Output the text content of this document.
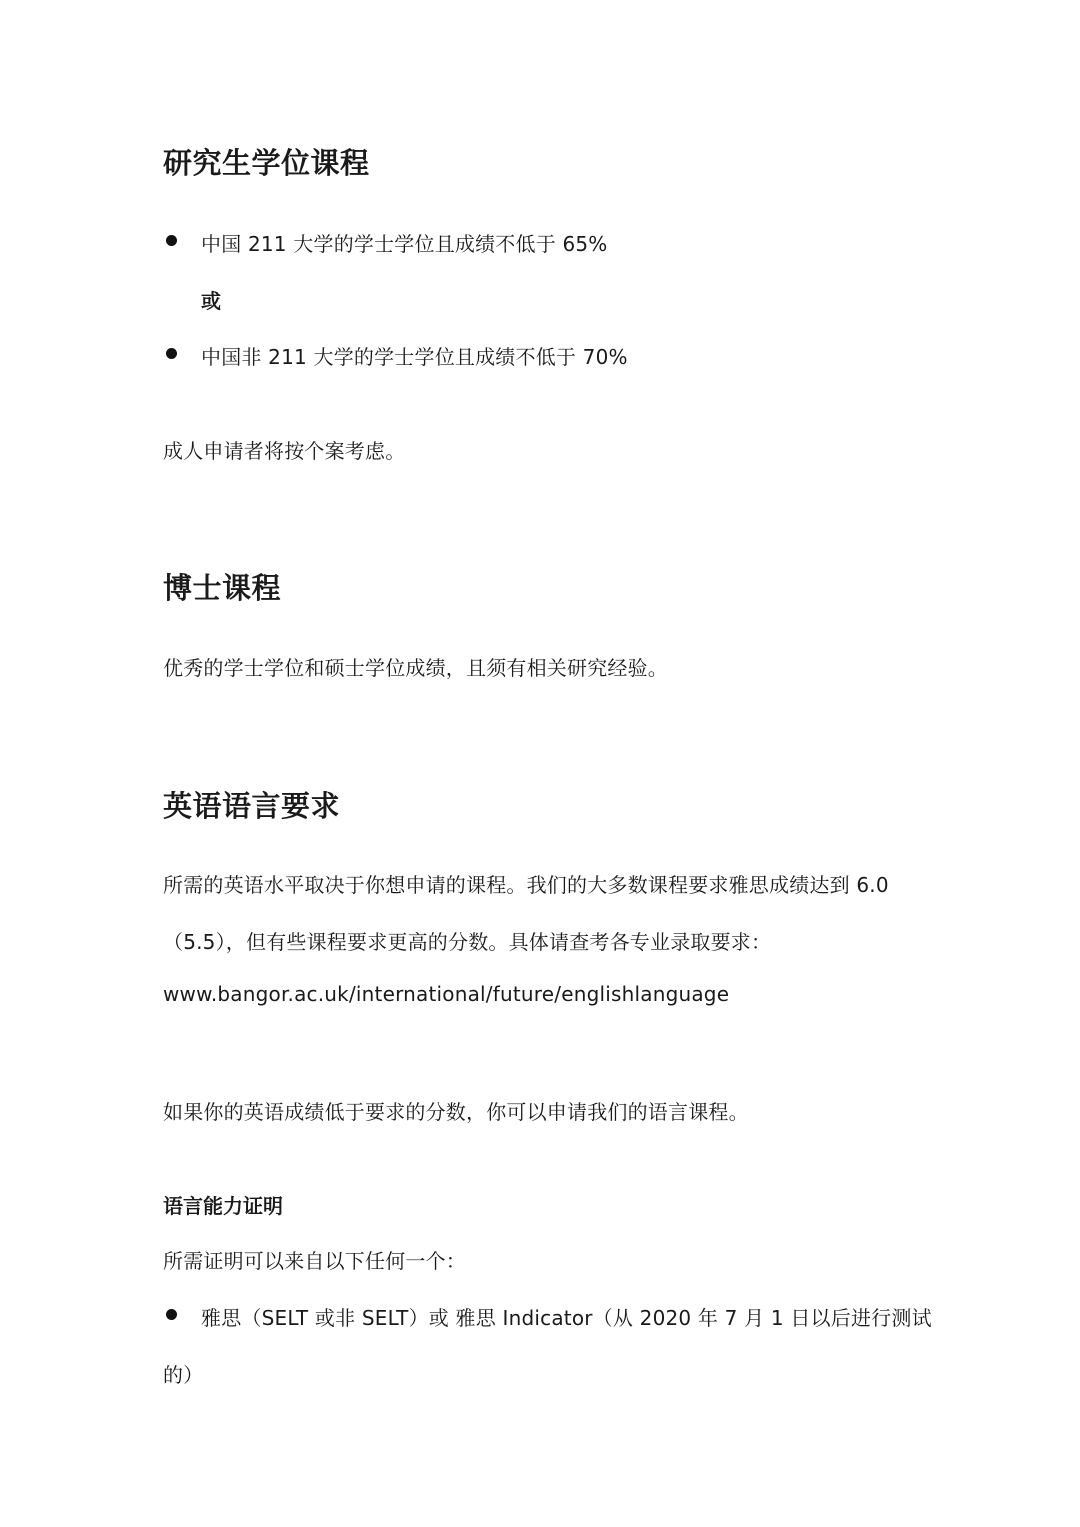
研究生学位课程
中国 211 大学的学士学位且成绩不低于 65%
或
中国非 211 大学的学士学位且成绩不低于 70%
成人申请者将按个案考虑。
博士课程
优秀的学士学位和硕士学位成绩，且须有相关研究经验。
英语语言要求
所需的英语水平取决于你想申请的课程。我们的大多数课程要求雅思成绩达到 6.0
（5.5），但有些课程要求更高的分数。具体请查考各专业录取要求：
www.bangor.ac.uk/international/future/englishlanguage
如果你的英语成绩低于要求的分数，你可以申请我们的语言课程。
语言能力证明
所需证明可以来自以下任何一个：
雅思（SELT 或非 SELT）或 雅思 Indicator（从 2020 年 7 月 1 日以后进行测试
的）
